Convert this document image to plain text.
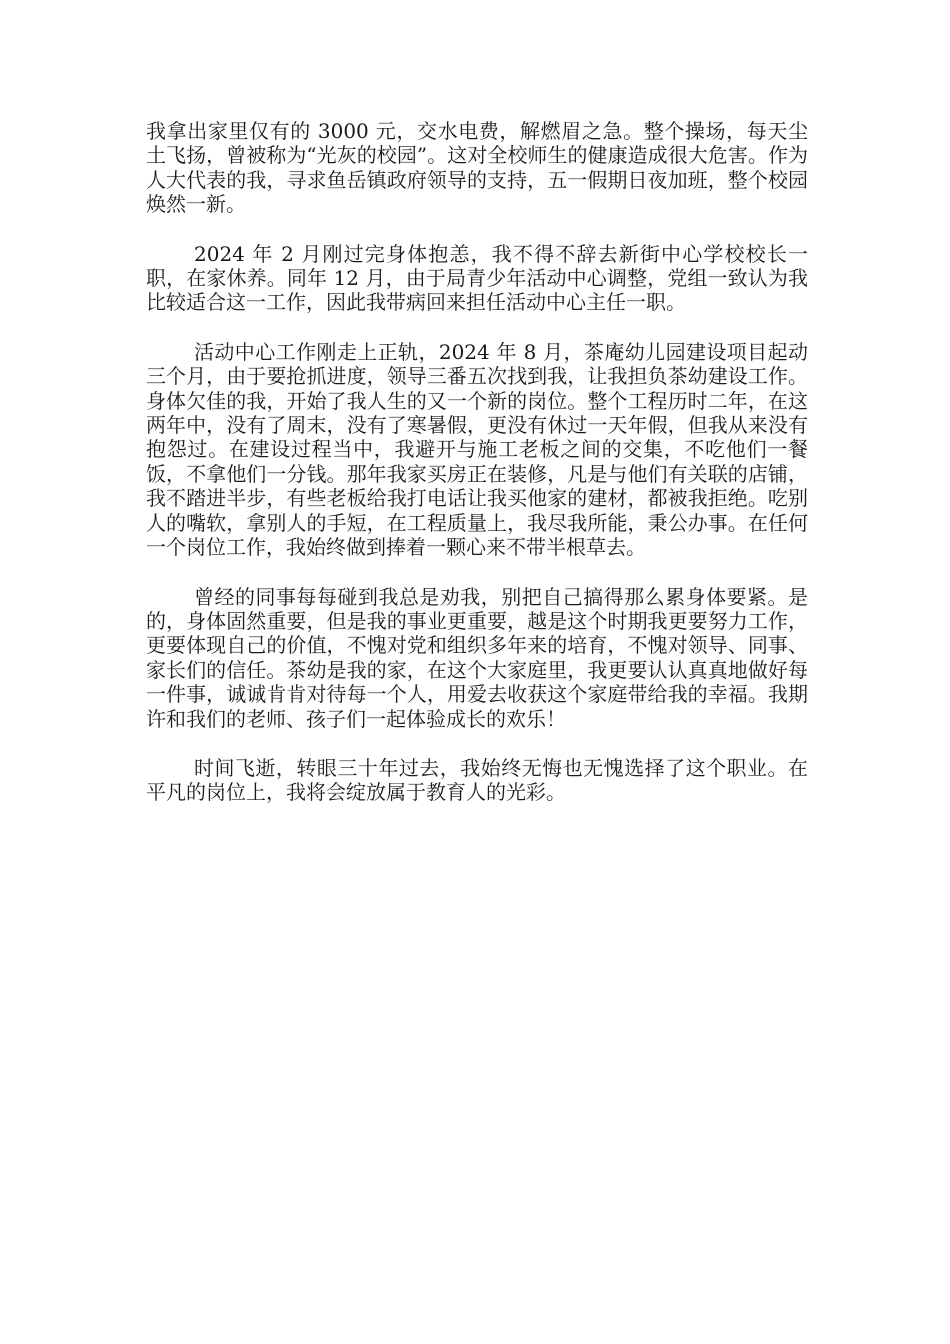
我拿出家里仅有的 3000 元，交水电费，解燃眉之急。整个操场，每天尘土飞扬，曾被称为“光灰的校园”。这对全校师生的健康造成很大危害。作为人大代表的我，寻求鱼岳镇政府领导的支持，五一假期日夜加班，整个校园焕然一新。

2024 年 2 月刚过完身体抱恙，我不得不辞去新街中心学校校长一职，在家休养。同年 12 月，由于局青少年活动中心调整，党组一致认为我比较适合这一工作，因此我带病回来担任活动中心主任一职。

活动中心工作刚走上正轨，2024 年 8 月，茶庵幼儿园建设项目起动三个月，由于要抢抓进度，领导三番五次找到我，让我担负茶幼建设工作。身体欠佳的我，开始了我人生的又一个新的岗位。整个工程历时二年，在这两年中，没有了周末，没有了寒暑假，更没有休过一天年假，但我从来没有抱怨过。在建设过程当中，我避开与施工老板之间的交集，不吃他们一餐饭，不拿他们一分钱。那年我家买房正在装修，凡是与他们有关联的店铺，我不踏进半步，有些老板给我打电话让我买他家的建材，都被我拒绝。吃别人的嘴软，拿别人的手短，在工程质量上，我尽我所能，秉公办事。在任何一个岗位工作，我始终做到捧着一颗心来不带半根草去。

曾经的同事每每碰到我总是劝我，别把自己搞得那么累身体要紧。是的，身体固然重要，但是我的事业更重要，越是这个时期我更要努力工作，更要体现自己的价值，不愧对党和组织多年来的培育，不愧对领导、同事、家长们的信任。茶幼是我的家，在这个大家庭里，我更要认认真真地做好每一件事，诚诚肯肯对待每一个人，用爱去收获这个家庭带给我的幸福。我期许和我们的老师、孩子们一起体验成长的欢乐！

时间飞逝，转眼三十年过去，我始终无悔也无愧选择了这个职业。在平凡的岗位上，我将会绽放属于教育人的光彩。
